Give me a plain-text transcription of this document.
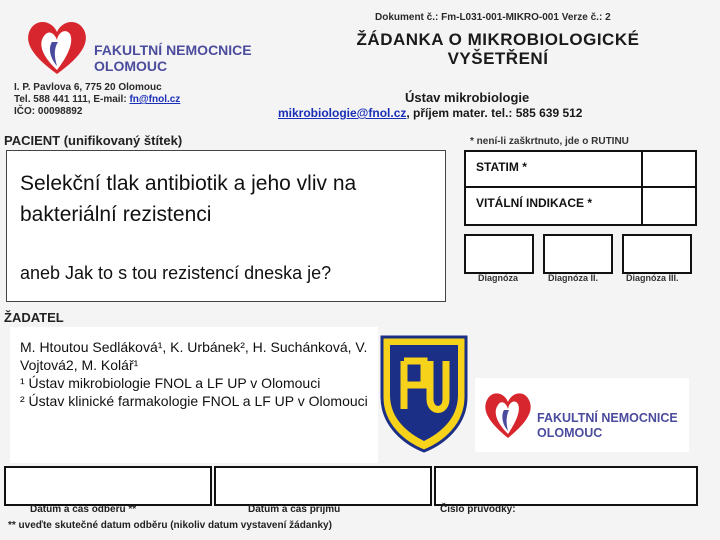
Dokument č.: Fm-L031-001-MIKRO-001 Verze č.: 2
FAKULTNÍ NEMOCNICE
OLOMOUC
ŽÁDANKA O MIKROBIOLOGICKÉ
VYŠETŘENÍ
I. P. Pavlova 6, 775 20 Olomouc
Tel. 588 441 111, E-mail: fn@fnol.cz
IČO: 00098892
Ústav mikrobiologie
mikrobiologie@fnol.cz, příjem mater. tel.: 585 639 512
PACIENT (unifikovaný štítek)	* není-li zaškrtnuto, jde o RUTINU
STATIM *
VITÁLNÍ INDIKACE *
Diagnóza	Diagnóza II.	Diagnóza III.
ŽADATEL
Datum a čas odběru **	Datum a čas příjmu	Číslo průvodky:
** uveďte skutečné datum odběru (nikoliv datum vystavení žádanky)
Selekční tlak antibiotik a jeho vliv na bakteriální rezistenci
aneb Jak to s tou rezistencí dneska je?
M. Htoutou Sedláková¹, K. Urbánek², H. Suchánková, V. Vojtová2, M. Kolář¹
¹ Ústav mikrobiologie FNOL a LF UP v Olomouci
² Ústav klinické farmakologie FNOL a LF UP v Olomouci
FAKULTNÍ NEMOCNICE
OLOMOUC
